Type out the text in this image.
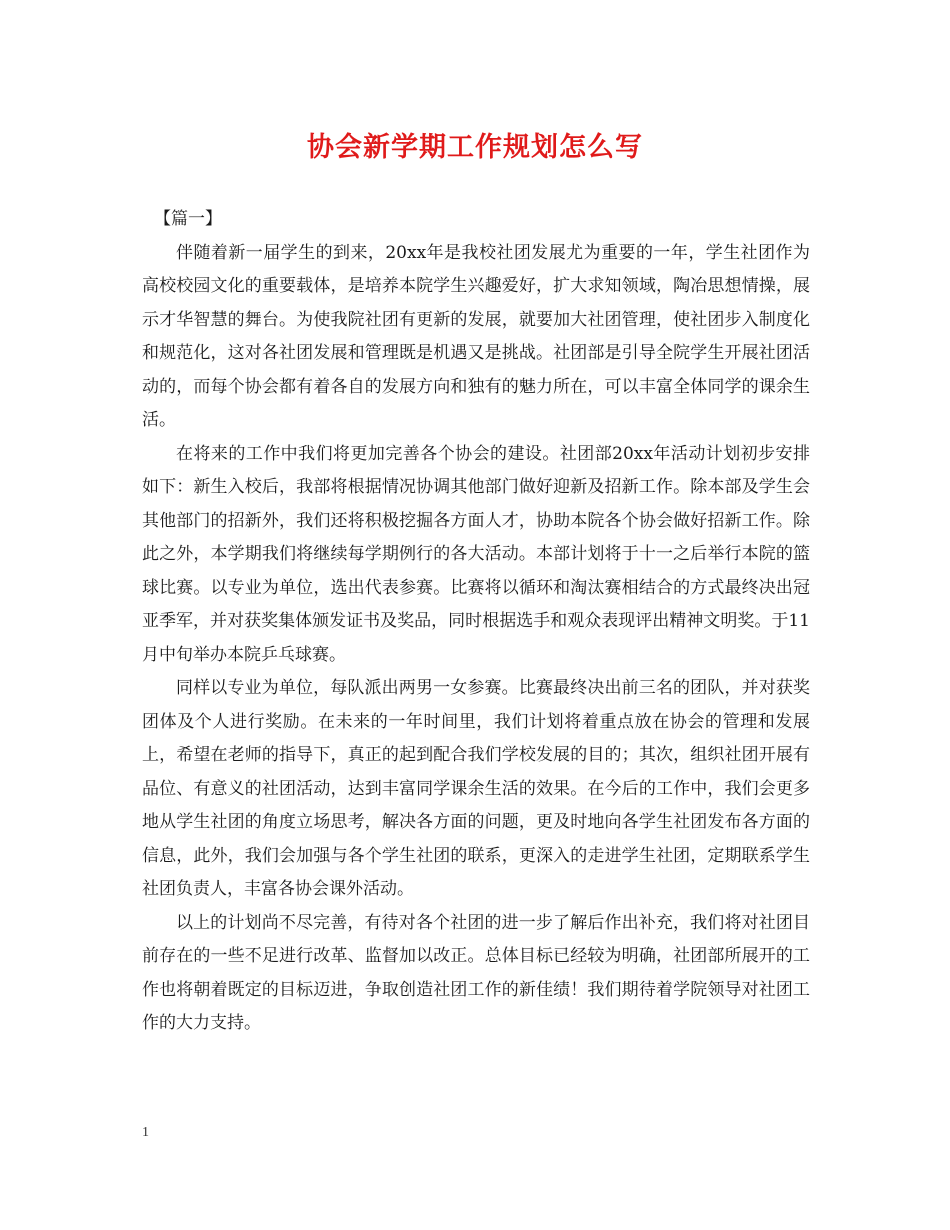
协会新学期工作规划怎么写

【篇一】

伴随着新一届学生的到来，20xx年是我校社团发展尤为重要的一年，学生社团作为高校校园文化的重要载体，是培养本院学生兴趣爱好，扩大求知领域，陶冶思想情操，展示才华智慧的舞台。为使我院社团有更新的发展，就要加大社团管理，使社团步入制度化和规范化，这对各社团发展和管理既是机遇又是挑战。社团部是引导全院学生开展社团活动的，而每个协会都有着各自的发展方向和独有的魅力所在，可以丰富全体同学的课余生活。

在将来的工作中我们将更加完善各个协会的建设。社团部20xx年活动计划初步安排如下：新生入校后，我部将根据情况协调其他部门做好迎新及招新工作。除本部及学生会其他部门的招新外，我们还将积极挖掘各方面人才，协助本院各个协会做好招新工作。除此之外，本学期我们将继续每学期例行的各大活动。本部计划将于十一之后举行本院的篮球比赛。以专业为单位，选出代表参赛。比赛将以循环和淘汰赛相结合的方式最终决出冠亚季军，并对获奖集体颁发证书及奖品，同时根据选手和观众表现评出精神文明奖。于11月中旬举办本院乒乓球赛。

同样以专业为单位，每队派出两男一女参赛。比赛最终决出前三名的团队，并对获奖团体及个人进行奖励。在未来的一年时间里，我们计划将着重点放在协会的管理和发展上，希望在老师的指导下，真正的起到配合我们学校发展的目的；其次，组织社团开展有品位、有意义的社团活动，达到丰富同学课余生活的效果。在今后的工作中，我们会更多地从学生社团的角度立场思考，解决各方面的问题，更及时地向各学生社团发布各方面的信息，此外，我们会加强与各个学生社团的联系，更深入的走进学生社团，定期联系学生社团负责人，丰富各协会课外活动。

以上的计划尚不尽完善，有待对各个社团的进一步了解后作出补充，我们将对社团目前存在的一些不足进行改革、监督加以改正。总体目标已经较为明确，社团部所展开的工作也将朝着既定的目标迈进，争取创造社团工作的新佳绩！我们期待着学院领导对社团工作的大力支持。

1
